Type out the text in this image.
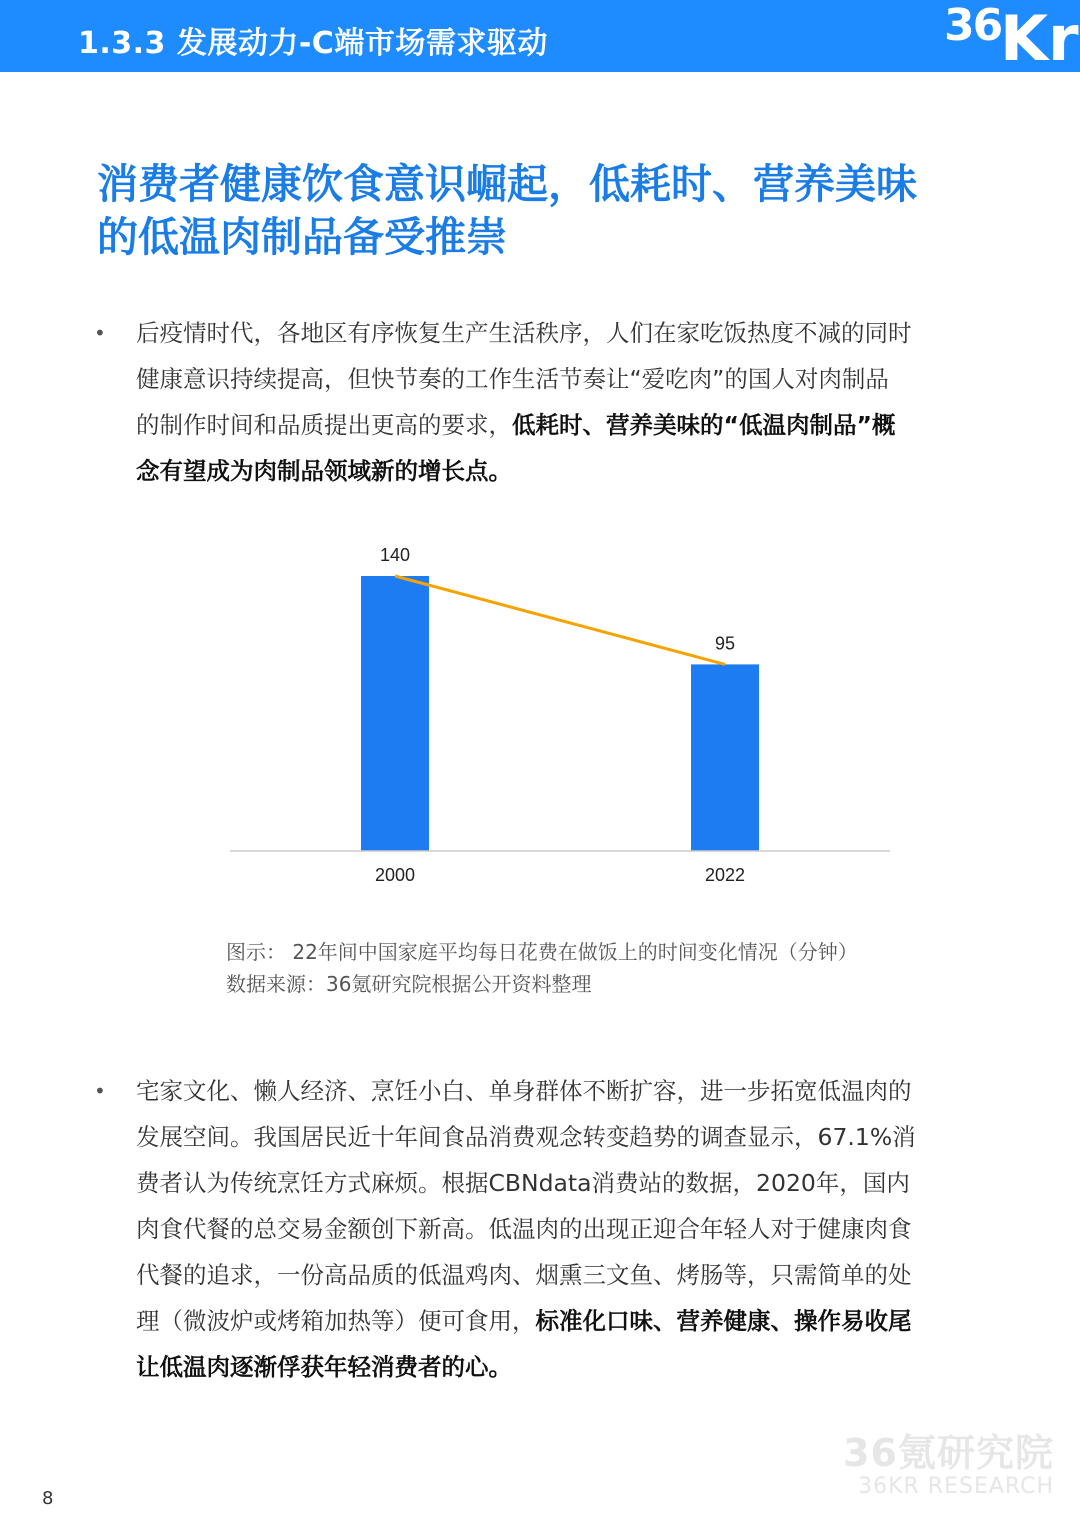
1.3.3 发展动力-C端市场需求驱动	36
Kr
消费者健康饮食意识崛起，低耗时、营养美味
的低温肉制品备受推崇
• 后疫情时代，各地区有序恢复生产生活秩序，人们在家吃饭热度不减的同时
健康意识持续提高，但快节奏的工作生活节奏让“爱吃肉”的国人对肉制品
的制作时间和品质提出更高的要求，低耗时、营养美味的“低温肉制品”概
念有望成为肉制品领域新的增长点。
140
2000
95
2022
图示： 22年间中国家庭平均每日花费在做饭上的时间变化情况（分钟）
数据来源：36氪研究院根据公开资料整理
• 宅家文化、懒人经济、烹饪小白、单身群体不断扩容，进一步拓宽低温肉的
发展空间。我国居民近十年间食品消费观念转变趋势的调查显示，67.1%消
费者认为传统烹饪方式麻烦。根据CBNdata消费站的数据，2020年，国内
肉食代餐的总交易金额创下新高。低温肉的出现正迎合年轻人对于健康肉食
代餐的追求，一份高品质的低温鸡肉、烟熏三文鱼、烤肠等，只需简单的处
理（微波炉或烤箱加热等）便可食用，标准化口味、营养健康、操作易收尾
让低温肉逐渐俘获年轻消费者的心。
36氪研究院
36KR RESEARCH
8
